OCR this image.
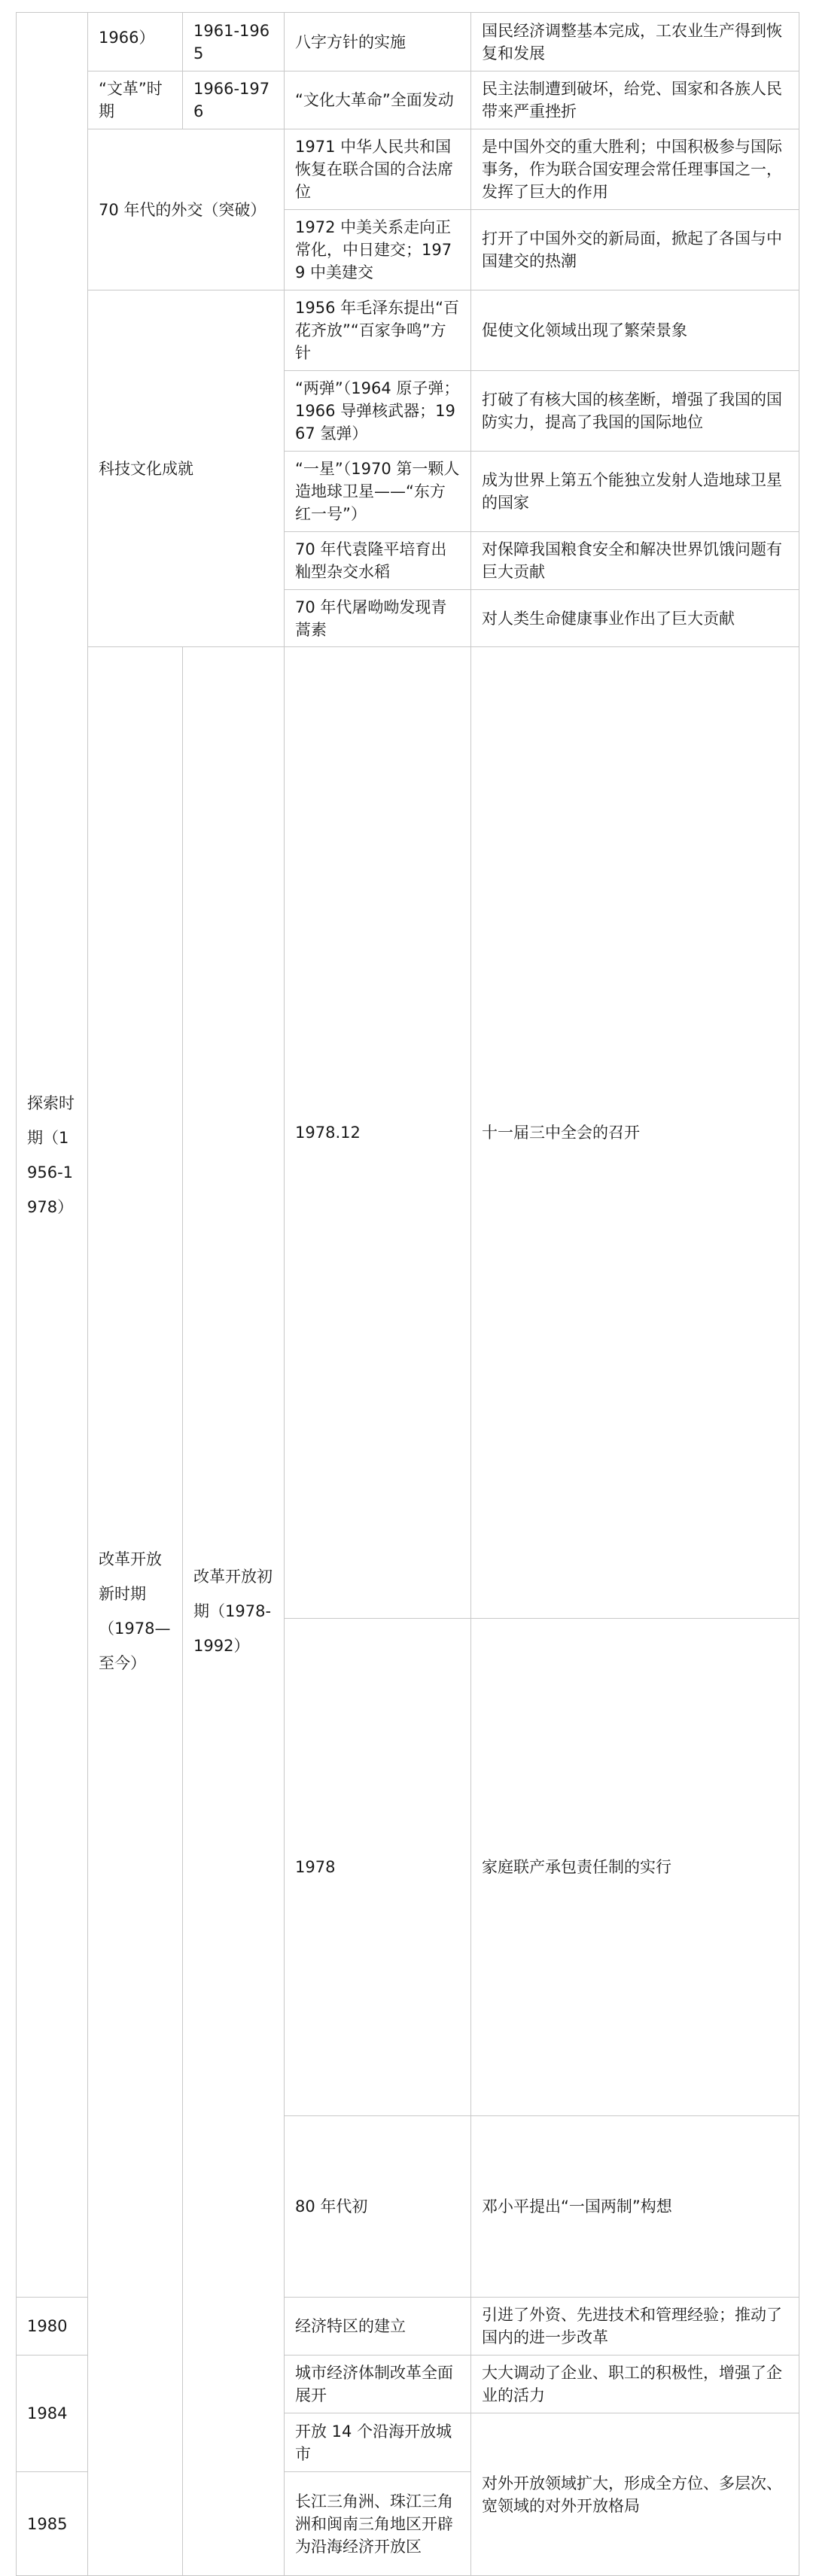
探索时期（1956-1978）	1966）	1961-1965	八字方针的实施	国民经济调整基本完成，工农业生产得到恢复和发展	
	“文革”时期	1966-1976	“文化大革命”全面发动	民主法制遭到破坏，给党、国家和各族人民带来严重挫折	
	70 年代的外交（突破）		1971 中华人民共和国恢复在联合国的合法席位	是中国外交的重大胜利；中国积极参与国际事务，作为联合国安理会常任理事国之一，发挥了巨大的作用	
			1972 中美关系走向正常化，中日建交；1979 中美建交	打开了中国外交的新局面，掀起了各国与中国建交的热潮	
	科技文化成就		1956 年毛泽东提出“百花齐放”“百家争鸣”方针	促使文化领域出现了繁荣景象	
			“两弹”（1964 原子弹；1966 导弹核武器；1967 氢弹）	打破了有核大国的核垄断，增强了我国的国防实力，提高了我国的国际地位	
			“一星”（1970 第一颗人造地球卫星——“东方红一号”）	成为世界上第五个能独立发射人造地球卫星的国家	
			70 年代袁隆平培育出籼型杂交水稻	对保障我国粮食安全和解决世界饥饿问题有巨大贡献	
			70 年代屠呦呦发现青蒿素	对人类生命健康事业作出了巨大贡献	

	改革开放新时期（1978—至今）	改革开放初期（1978-1992）	1978.12	十一届三中全会的召开	
			1978	家庭联产承包责任制的实行	
			80 年代初	邓小平提出“一国两制”构想	
1980			经济特区的建立	引进了外资、先进技术和管理经验；推动了国内的进一步改革	
1984			城市经济体制改革全面展开	大大调动了企业、职工的积极性，增强了企业的活力	
			开放 14 个沿海开放城市	对外开放领域扩大，形成全方位、多层次、宽领域的对外开放格局	
1985			长江三角洲、珠江三角洲和闽南三角地区开辟为沿海经济开放区		
